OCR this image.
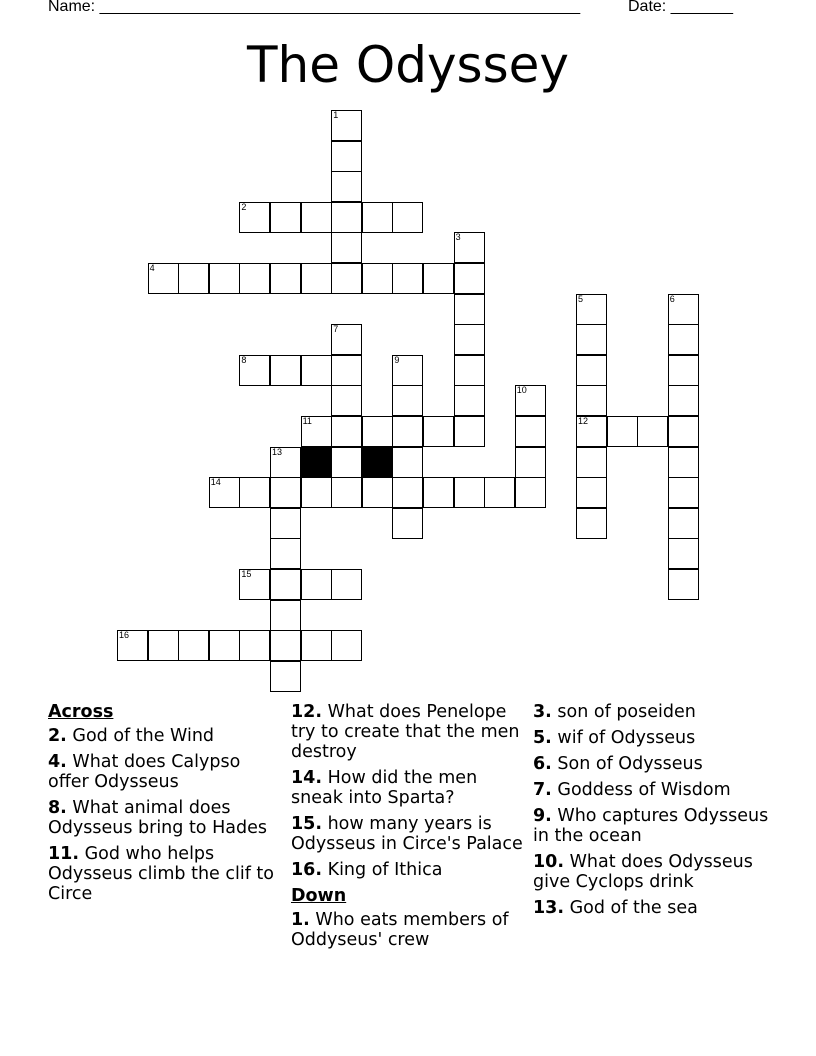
Name: ______________________________________________________	Date: _______
The Odyssey
1
2
3
4
5
12
6
7
8	9
10
11
13
14
15
16
Across
2. God of the Wind
4. What does Calypso offer Odysseus
8. What animal does Odysseus bring to Hades
11. God who helps Odysseus climb the clif to Circe
12. What does Penelope try to create that the men destroy
14. How did the men sneak into Sparta?
15. how many years is Odysseus in Circe's Palace
16. King of Ithica
Down
1. Who eats members of Oddyseus' crew
3. son of poseiden
5. wif of Odysseus
6. Son of Odysseus
7. Goddess of Wisdom
9. Who captures Odysseus in the ocean
10. What does Odysseus give Cyclops drink
13. God of the sea
